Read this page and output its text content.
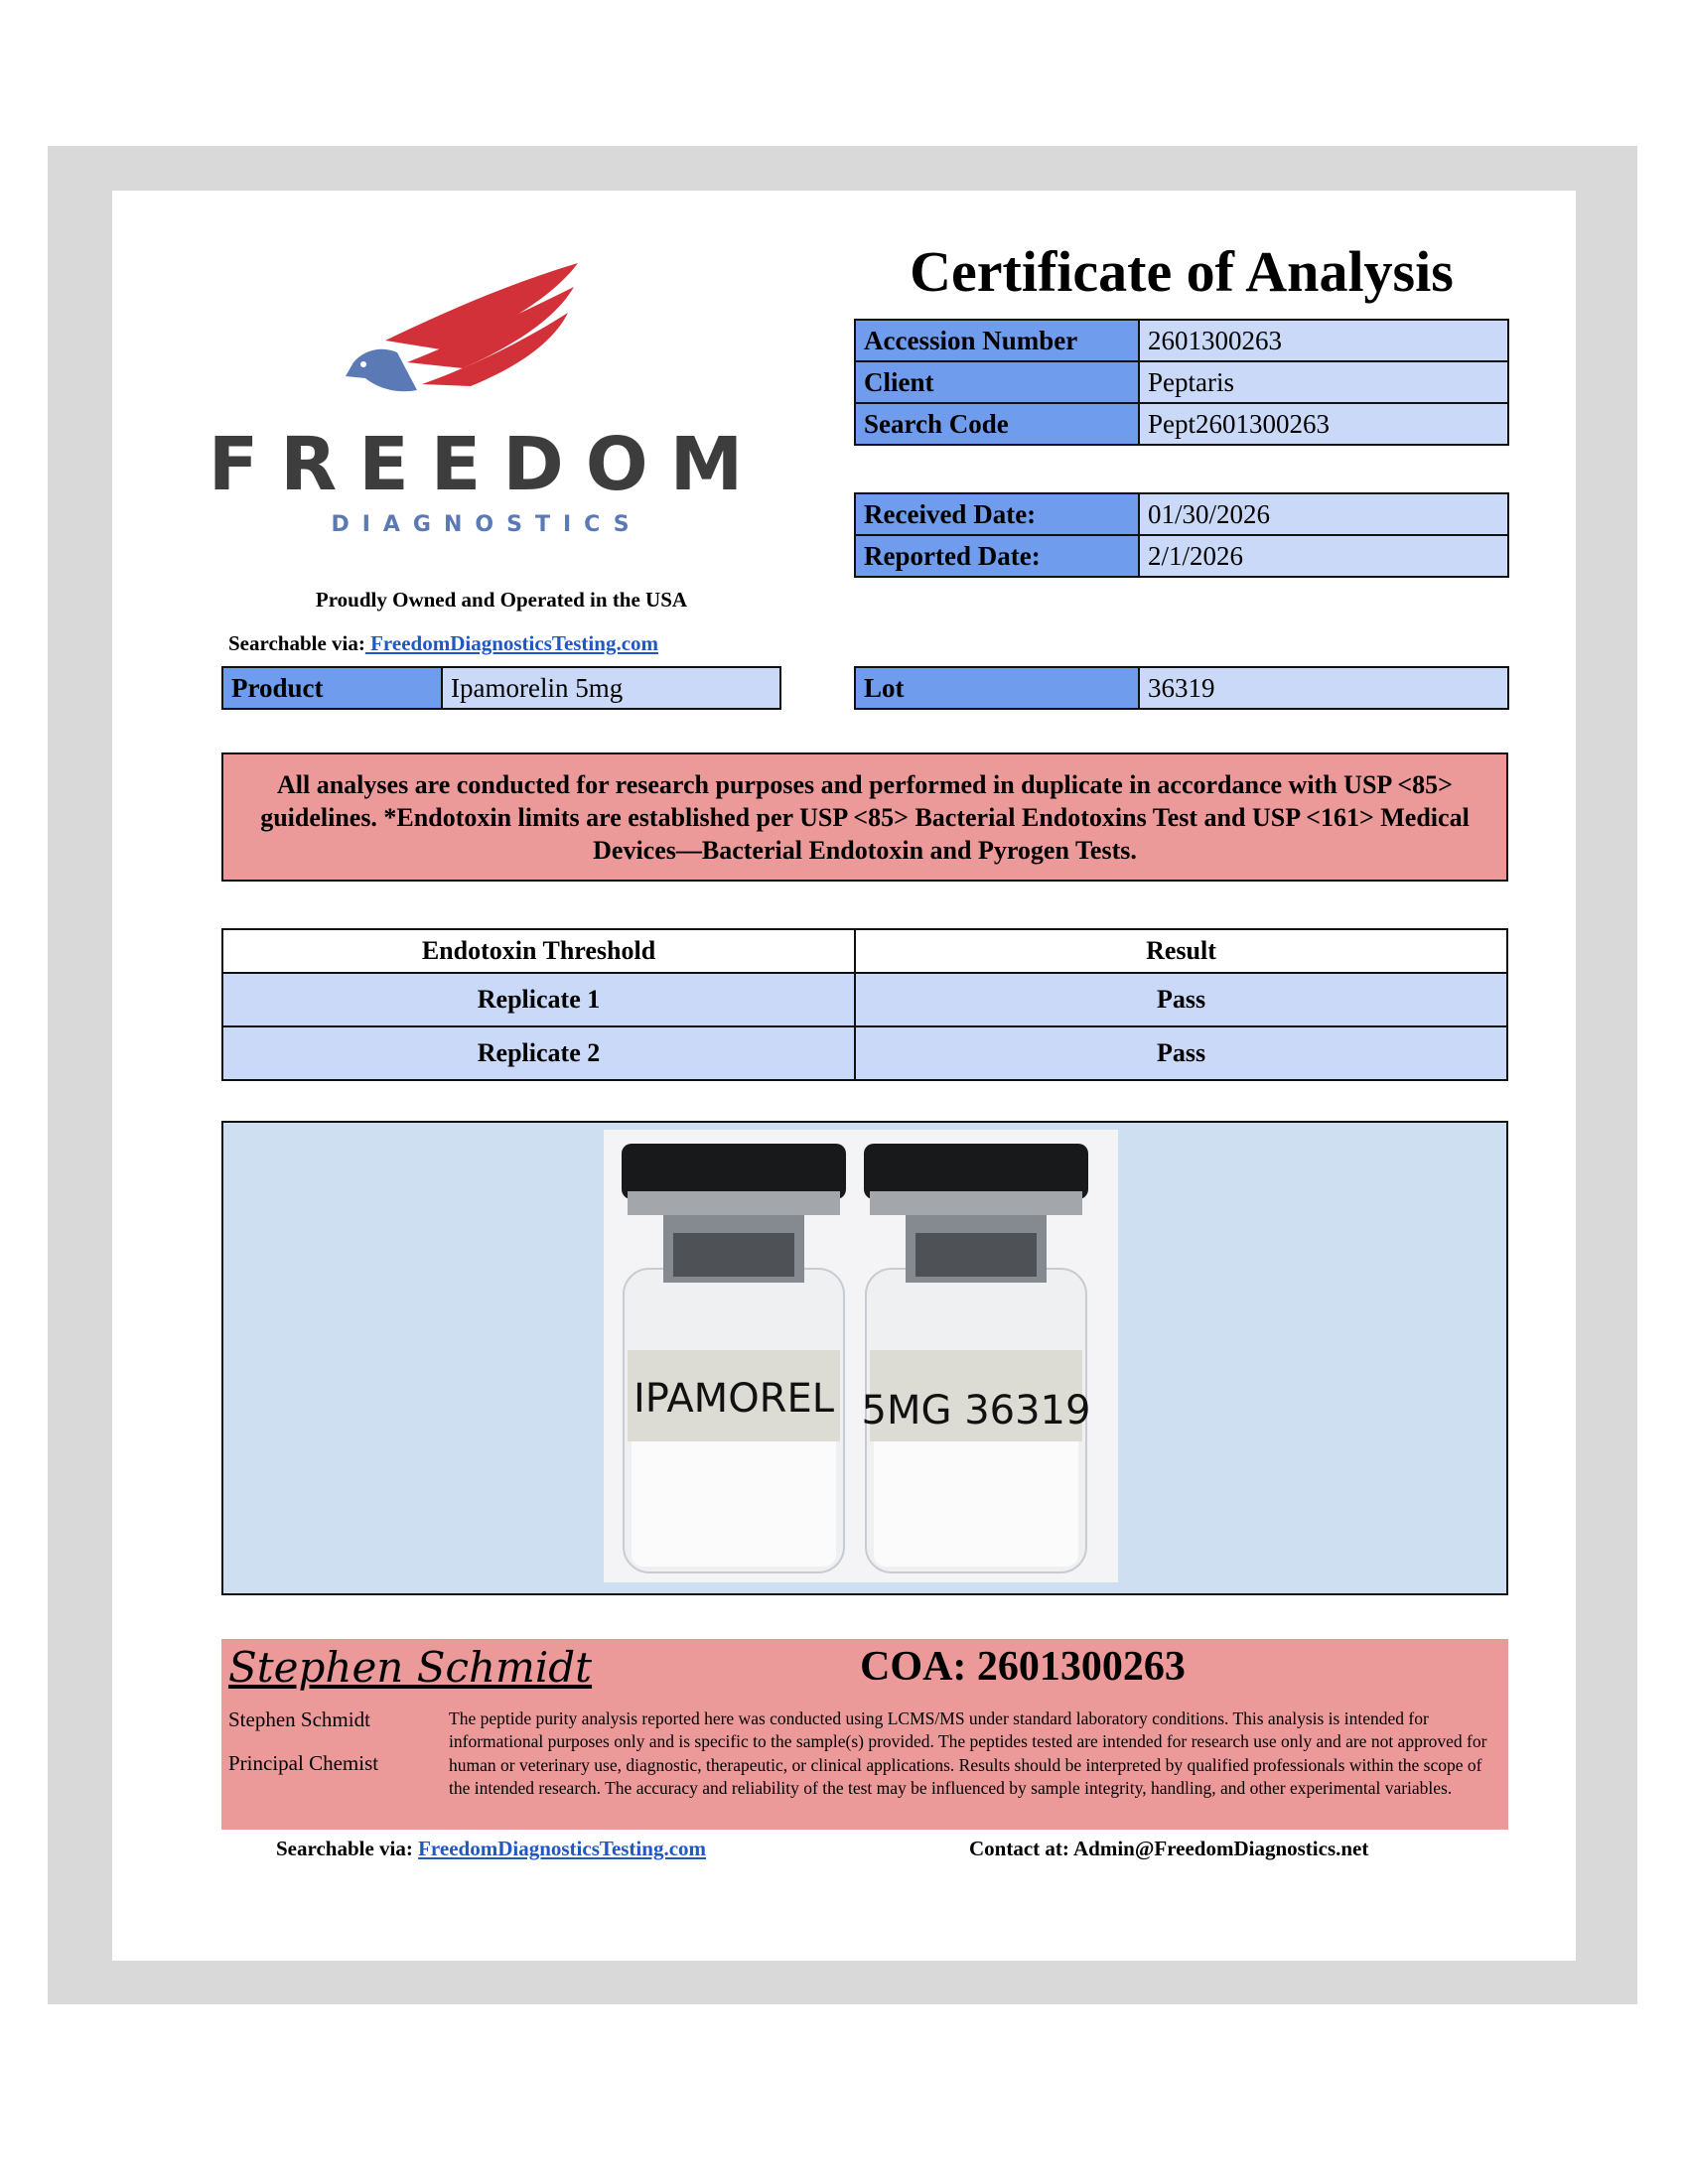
FREEDOM
DIAGNOSTICS
Proudly Owned and Operated in the USA
Searchable via: FreedomDiagnosticsTesting.com
Certificate of Analysis
Accession Number	2601300263
Client	Peptaris
Search Code	Pept2601300263
Received Date:	01/30/2026
Reported Date:	2/1/2026
Product	Ipamorelin 5mg	Lot	36319
All analyses are conducted for research purposes and performed in duplicate in accordance with USP <85> guidelines. *Endotoxin limits are established per USP <85> Bacterial Endotoxins Test and USP <161> Medical Devices—Bacterial Endotoxin and Pyrogen Tests.
Endotoxin Threshold	Result
Replicate 1	Pass
Replicate 2	Pass
IPAMOREL 5MG 36319
Stephen Schmidt	COA: 2601300263
Stephen Schmidt
Principal Chemist
The peptide purity analysis reported here was conducted using LCMS/MS under standard laboratory conditions. This analysis is intended for informational purposes only and is specific to the sample(s) provided. The peptides tested are intended for research use only and are not approved for human or veterinary use, diagnostic, therapeutic, or clinical applications. Results should be interpreted by qualified professionals within the scope of the intended research. The accuracy and reliability of the test may be influenced by sample integrity, handling, and other experimental variables.
Searchable via: FreedomDiagnosticsTesting.com	Contact at: Admin@FreedomDiagnostics.net
